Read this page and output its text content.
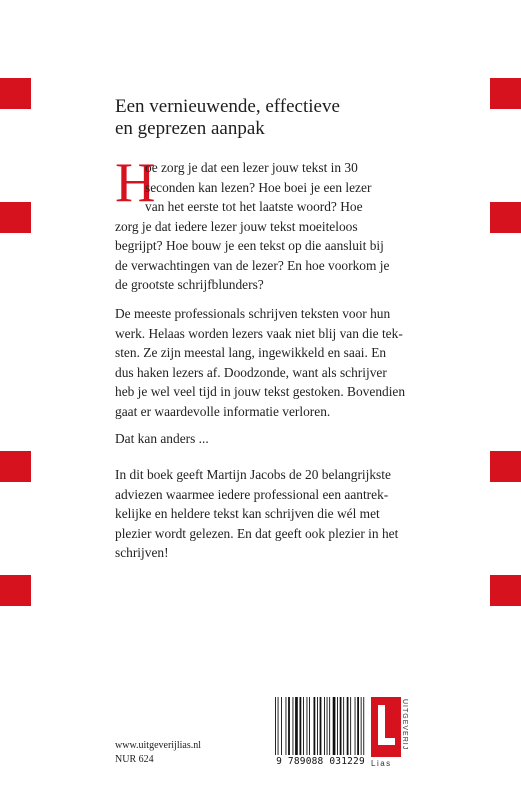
Een vernieuwende, effectieve
en geprezen aanpak
H
oe zorg je dat een lezer jouw tekst in 30
seconden kan lezen? Hoe boei je een lezer
van het eerste tot het laatste woord? Hoe
zorg je dat iedere lezer jouw tekst moeiteloos
begrijpt? Hoe bouw je een tekst op die aansluit bij
de verwachtingen van de lezer? En hoe voorkom je
de grootste schrijfblunders?
De meeste professionals schrijven teksten voor hun
werk. Helaas worden lezers vaak niet blij van die tek-
sten. Ze zijn meestal lang, ingewikkeld en saai. En
dus haken lezers af. Doodzonde, want als schrijver
heb je wel veel tijd in jouw tekst gestoken. Bovendien
gaat er waardevolle informatie verloren.
Dat kan anders ...
In dit boek geeft Martijn Jacobs de 20 belangrijkste
adviezen waarmee iedere professional een aantrek-
kelijke en heldere tekst kan schrijven die wél met
plezier wordt gelezen. En dat geeft ook plezier in het
schrijven!
www.uitgeverijlias.nl
NUR 624	9 789088 031229
UITGEVERIJ
Lias
